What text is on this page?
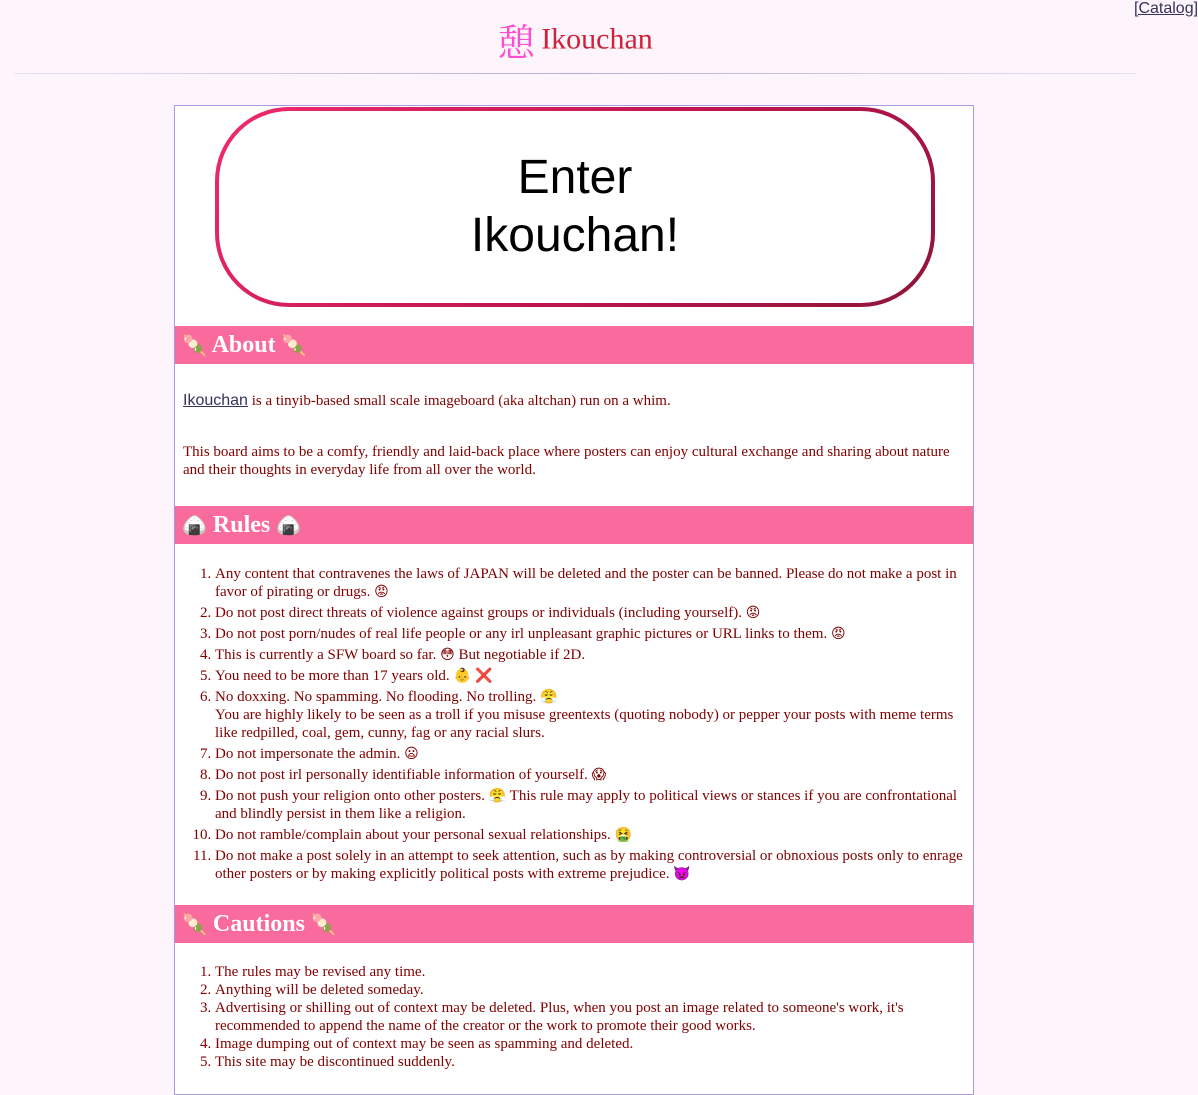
[Catalog]
憩 Ikouchan
Enter
Ikouchan!
🍡 About 🍡
Ikouchan is a tinyib-based small scale imageboard (aka altchan) run on a whim.
This board aims to be a comfy, friendly and laid-back place where posters can enjoy cultural exchange and sharing about nature and their thoughts in everyday life from all over the world.
🍙 Rules 🍙
1. Any content that contravenes the laws of JAPAN will be deleted and the poster can be banned. Please do not make a post in favor of pirating or drugs. 😡
2. Do not post direct threats of violence against groups or individuals (including yourself). 😡
3. Do not post porn/nudes of real life people or any irl unpleasant graphic pictures or URL links to them. 😡
4. This is currently a SFW board so far. 😳 But negotiable if 2D.
5. You need to be more than 17 years old. 👶 ❌
6. No doxxing. No spamming. No flooding. No trolling. 😤
You are highly likely to be seen as a troll if you misuse greentexts (quoting nobody) or pepper your posts with meme terms like redpilled, coal, gem, cunny, fag or any racial slurs.
7. Do not impersonate the admin. 😦
8. Do not post irl personally identifiable information of yourself. 😱
9. Do not push your religion onto other posters. 😤 This rule may apply to political views or stances if you are confrontational and blindly persist in them like a religion.
10. Do not ramble/complain about your personal sexual relationships. 🤮
11. Do not make a post solely in an attempt to seek attention, such as by making controversial or obnoxious posts only to enrage other posters or by making explicitly political posts with extreme prejudice. 👿
🍡 Cautions 🍡
1. The rules may be revised any time.
2. Anything will be deleted someday.
3. Advertising or shilling out of context may be deleted. Plus, when you post an image related to someone's work, it's recommended to append the name of the creator or the work to promote their good works.
4. Image dumping out of context may be seen as spamming and deleted.
5. This site may be discontinued suddenly.
